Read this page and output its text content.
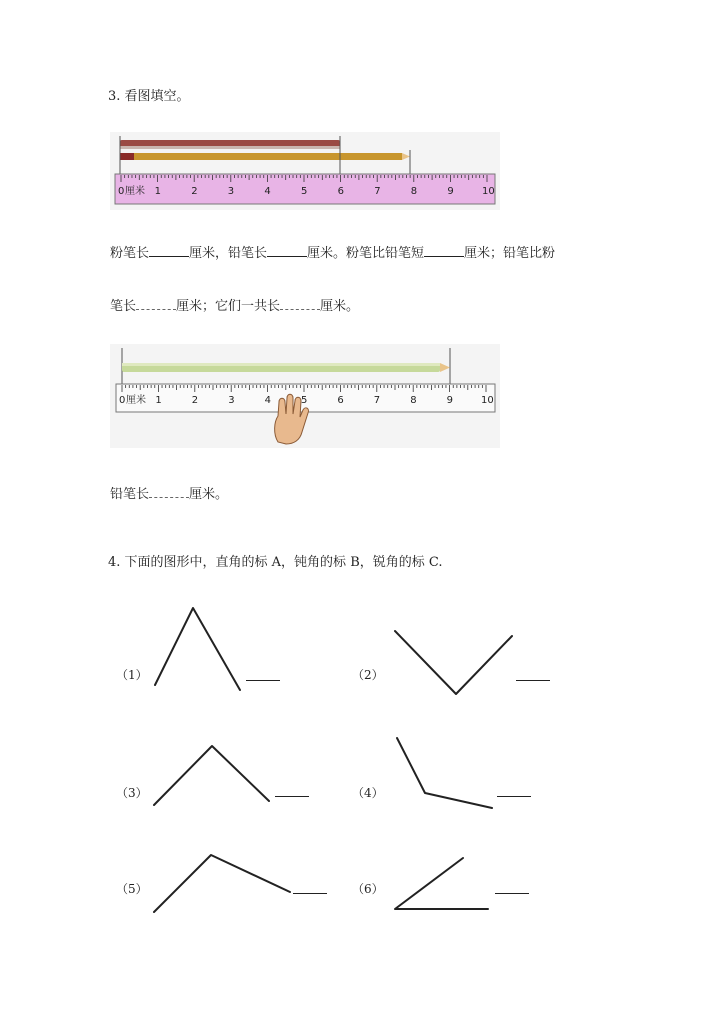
3. 看图填空。
0 厘米 1	2	3	4	5	6	7	8	9	10
粉笔长	厘米，铅笔长	厘米。粉笔比铅笔短	厘米；铅笔比粉
笔长	厘米；它们一共长	厘米。
0 厘米 1	2	3	4	5	6	7	8	9	10
铅笔长	厘米。
4. 下面的图形中，直角的标 A，钝角的标 B，锐角的标 C.
（1）	（2）
（3）	（4）
（5）	（6）
